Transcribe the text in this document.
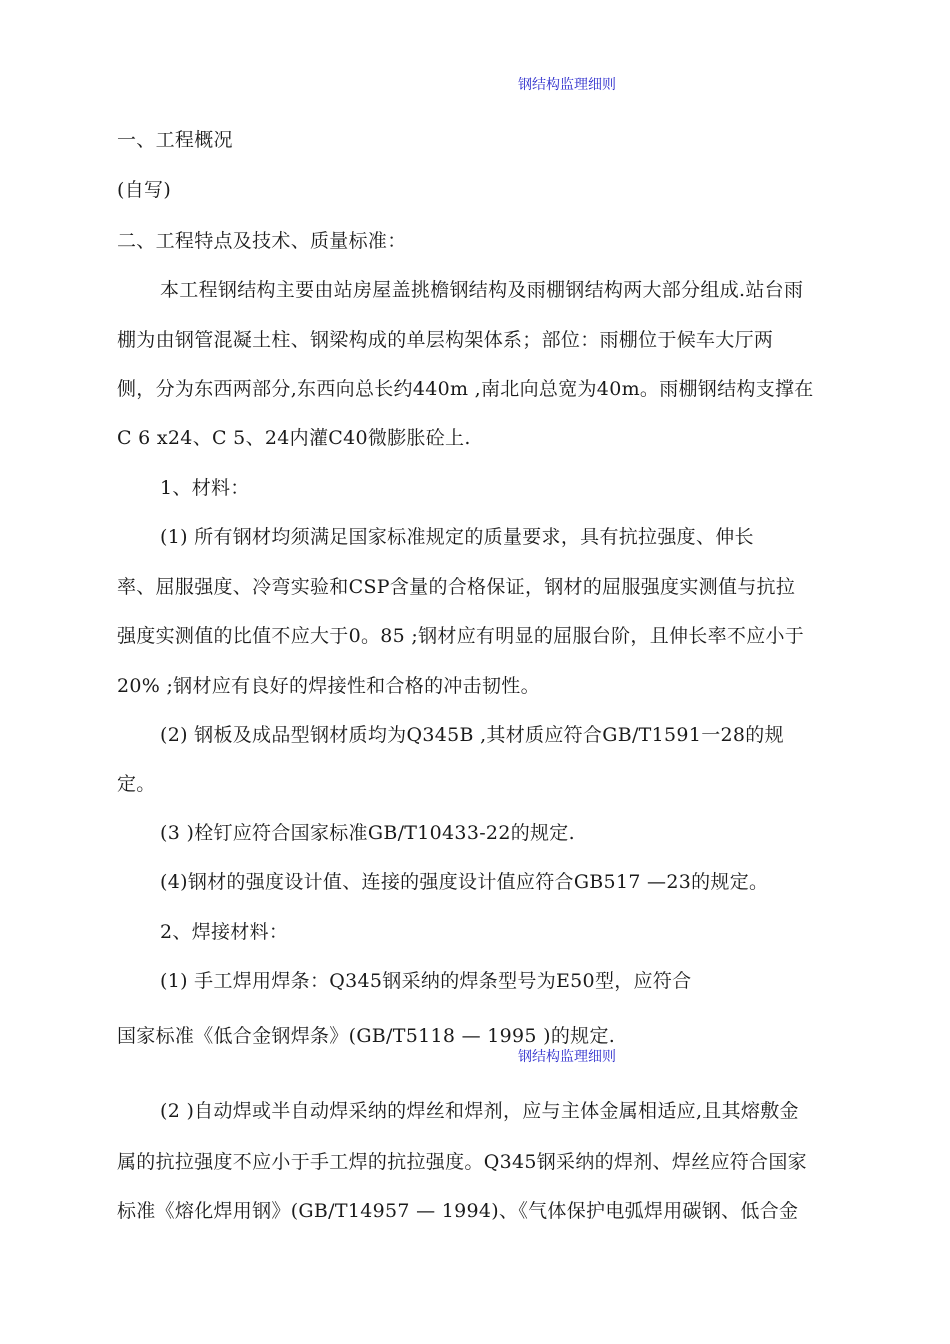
钢结构监理细则
一、工程概况
(自写)
二、工程特点及技术、质量标准：
本工程钢结构主要由站房屋盖挑檐钢结构及雨棚钢结构两大部分组成.站台雨
棚为由钢管混凝土柱、钢梁构成的单层构架体系；部位：雨棚位于候车大厅两
侧，分为东西两部分,东西向总长约440m ,南北向总宽为40m。雨棚钢结构支撑在
C 6 x24、C 5、24内灌C40微膨胀砼上.
1、材料：
(1) 所有钢材均须满足国家标准规定的质量要求，具有抗拉强度、伸长
率、屈服强度、冷弯实验和CSP含量的合格保证，钢材的屈服强度实测值与抗拉
强度实测值的比值不应大于0。85 ;钢材应有明显的屈服台阶，且伸长率不应小于
20% ;钢材应有良好的焊接性和合格的冲击韧性。
(2) 钢板及成品型钢材质均为Q345B ,其材质应符合GB/T1591一28的规
定。
(3 )栓钉应符合国家标准GB/T10433-22的规定.
(4)钢材的强度设计值、连接的强度设计值应符合GB517 —23的规定。
2、焊接材料：
(1) 手工焊用焊条：Q345钢采纳的焊条型号为E50型，应符合
国家标准《低合金钢焊条》(GB/T5118 — 1995 )的规定.
钢结构监理细则
(2 )自动焊或半自动焊采纳的焊丝和焊剂，应与主体金属相适应,且其熔敷金
属的抗拉强度不应小于手工焊的抗拉强度。Q345钢采纳的焊剂、焊丝应符合国家
标准《熔化焊用钢》(GB/T14957 — 1994)、《气体保护电弧焊用碳钢、低合金
